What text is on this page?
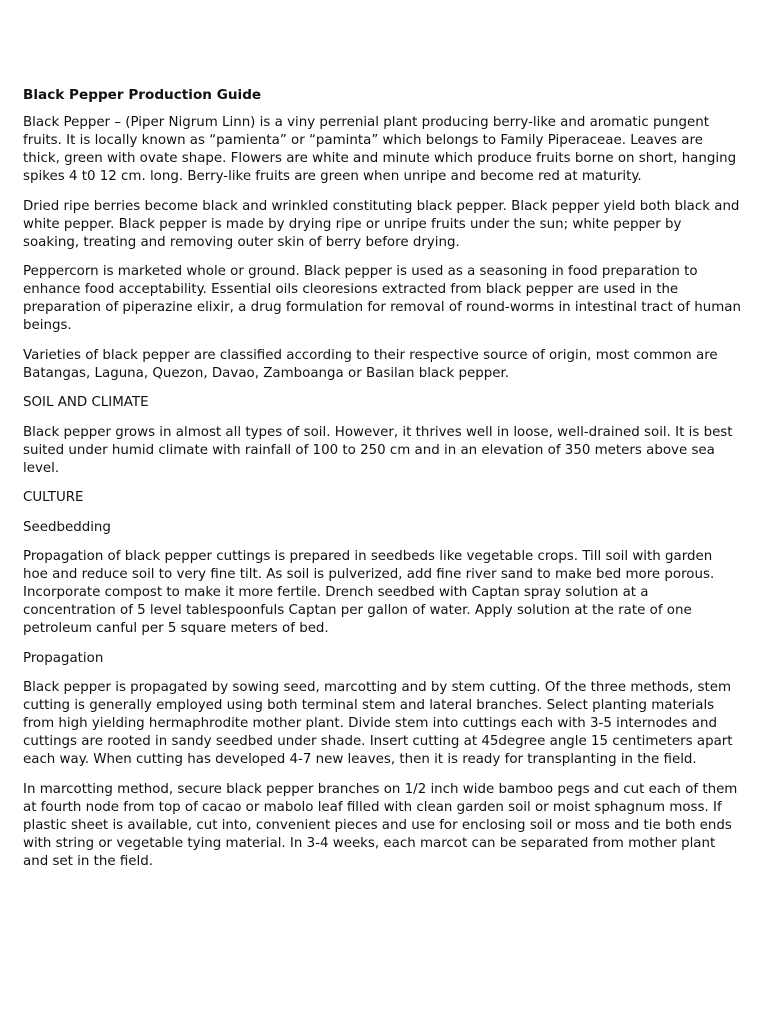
Black Pepper Production Guide
Black Pepper – (Piper Nigrum Linn) is a viny perrenial plant producing berry-like and aromatic pungent fruits. It is locally known as “pamienta” or “paminta” which belongs to Family Piperaceae. Leaves are thick, green with ovate shape. Flowers are white and minute which produce fruits borne on short, hanging spikes 4 t0 12 cm. long. Berry-like fruits are green when unripe and become red at maturity.
Dried ripe berries become black and wrinkled constituting black pepper. Black pepper yield both black and white pepper. Black pepper is made by drying ripe or unripe fruits under the sun; white pepper by soaking, treating and removing outer skin of berry before drying.
Peppercorn is marketed whole or ground. Black pepper is used as a seasoning in food preparation to enhance food acceptability. Essential oils cleoresions extracted from black pepper are used in the preparation of piperazine elixir, a drug formulation for removal of round-worms in intestinal tract of human beings.
Varieties of black pepper are classified according to their respective source of origin, most common are Batangas, Laguna, Quezon, Davao, Zamboanga or Basilan black pepper.
SOIL AND CLIMATE
Black pepper grows in almost all types of soil. However, it thrives well in loose, well-drained soil. It is best suited under humid climate with rainfall of 100 to 250 cm and in an elevation of 350 meters above sea level.
CULTURE
Seedbedding
Propagation of black pepper cuttings is prepared in seedbeds like vegetable crops. Till soil with garden hoe and reduce soil to very fine tilt. As soil is pulverized, add fine river sand to make bed more porous. Incorporate compost to make it more fertile. Drench seedbed with Captan spray solution at a concentration of 5 level tablespoonfuls Captan per gallon of water. Apply solution at the rate of one petroleum canful per 5 square meters of bed.
Propagation
Black pepper is propagated by sowing seed, marcotting and by stem cutting. Of the three methods, stem cutting is generally employed using both terminal stem and lateral branches. Select planting materials from high yielding hermaphrodite mother plant. Divide stem into cuttings each with 3-5 internodes and cuttings are rooted in sandy seedbed under shade. Insert cutting at 45degree angle 15 centimeters apart each way. When cutting has developed 4-7 new leaves, then it is ready for transplanting in the field.
In marcotting method, secure black pepper branches on 1/2 inch wide bamboo pegs and cut each of them at fourth node from top of cacao or mabolo leaf filled with clean garden soil or moist sphagnum moss. If plastic sheet is available, cut into, convenient pieces and use for enclosing soil or moss and tie both ends with string or vegetable tying material. In 3-4 weeks, each marcot can be separated from mother plant and set in the field.
